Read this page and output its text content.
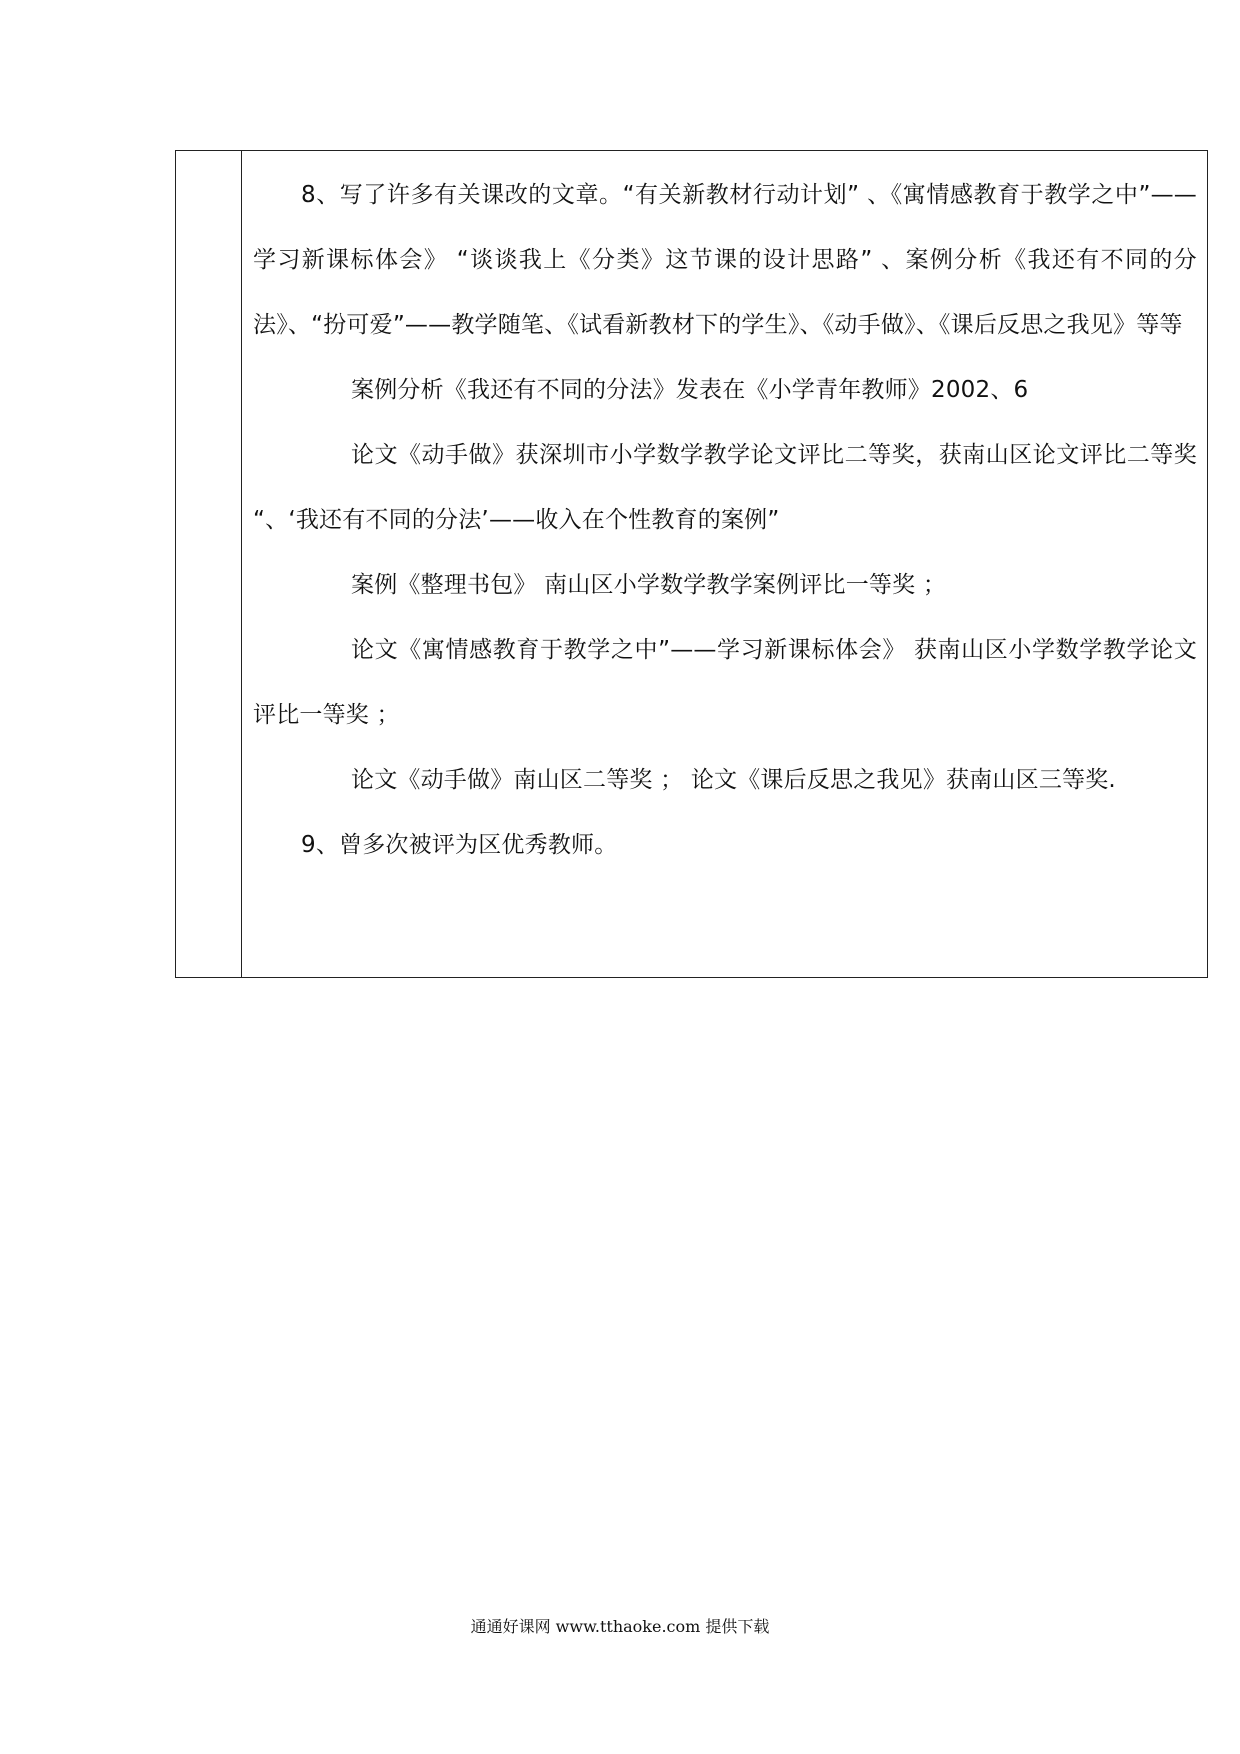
8、写了许多有关课改的文章。“有关新教材行动计划” 、《寓情感教育于教学之中”——学习新课标体会》 “谈谈我上《分类》这节课的设计思路” 、案例分析《我还有不同的分法》、“扮可爱”——教学随笔、《试看新教材下的学生》、《动手做》、《课后反思之我见》等等

案例分析《我还有不同的分法》发表在《小学青年教师》2002、6

论文《动手做》获深圳市小学数学教学论文评比二等奖，获南山区论文评比二等奖 “、‘我还有不同的分法’——收入在个性教育的案例”

案例《整理书包》 南山区小学数学教学案例评比一等奖 ；

论文《寓情感教育于教学之中”——学习新课标体会》 获南山区小学数学教学论文评比一等奖 ；

论文《动手做》南山区二等奖 ； 论文《课后反思之我见》获南山区三等奖.

9、曾多次被评为区优秀教师。

通通好课网 www.tthaoke.com 提供下载
